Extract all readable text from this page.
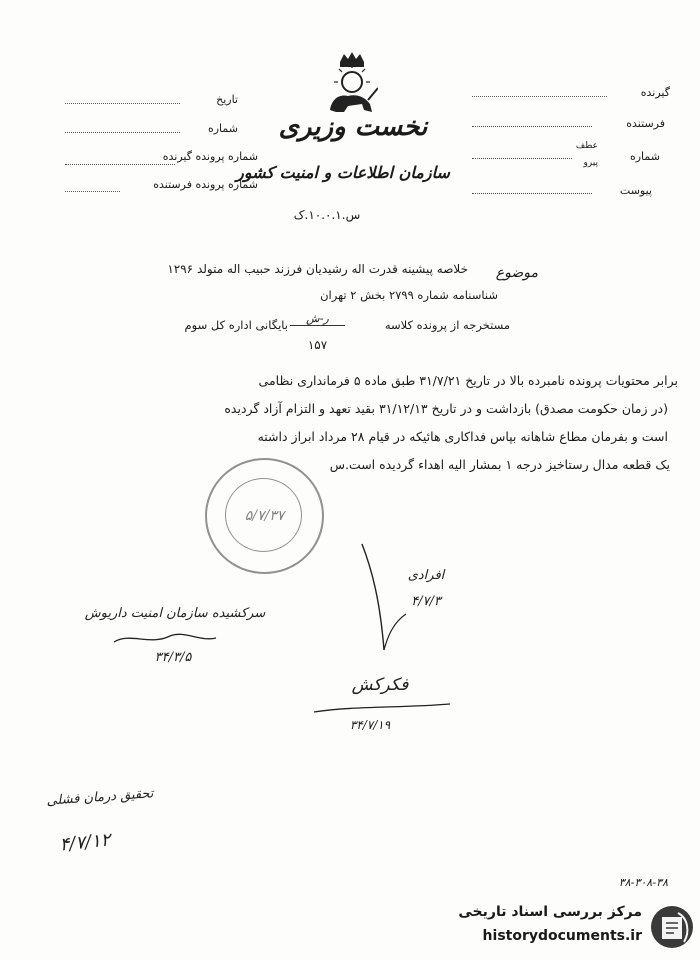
نخست وزیری
سازمان اطلاعات و امنیت کشور
س.۱۰.۰.۱.ک
تاریخ
شماره
شماره پرونده گیرنده
شماره پرونده فرستنده
گیرنده
فرستنده
عطف
پیرو	شماره
پیوست
موضوع
خلاصه پیشینه قدرت اله رشیدیان فرزند حبیب اله متولد ۱۲۹۶
شناسنامه شماره ۲۷۹۹ بخش ۲ تهران
مستخرجه از پرونده کلاسه
ر-ش
۱۵۷
بایگانی اداره کل سوم
برابر محتویات پرونده نامبرده بالا در تاریخ ۳۱/۷/۲۱ طبق ماده ۵ فرمانداری نظامی
(در زمان حکومت مصدق) بازداشت و در تاریخ ۳۱/۱۲/۱۳ بقید تعهد و التزام آزاد گردیده
است و بفرمان مطاع شاهانه بپاس فداکاری هائیکه در قیام ۲۸ مرداد ابراز داشته
یک قطعه مدال رستاخیز درجه ۱ بمشار الیه اهداء گردیده است.س
۵/۷/۳۷
افرادی
۴/۷/۳
سرکشیده سازمان امنیت داریوش
۳۴/۳/۵
فکرکش
۳۴/۷/۱۹
تحقیق درمان فشلی
۴/۷/۱۲
۳۸-۳۰۸-۳۸
مرکز بررسی اسناد تاریخی
historydocuments.ir
